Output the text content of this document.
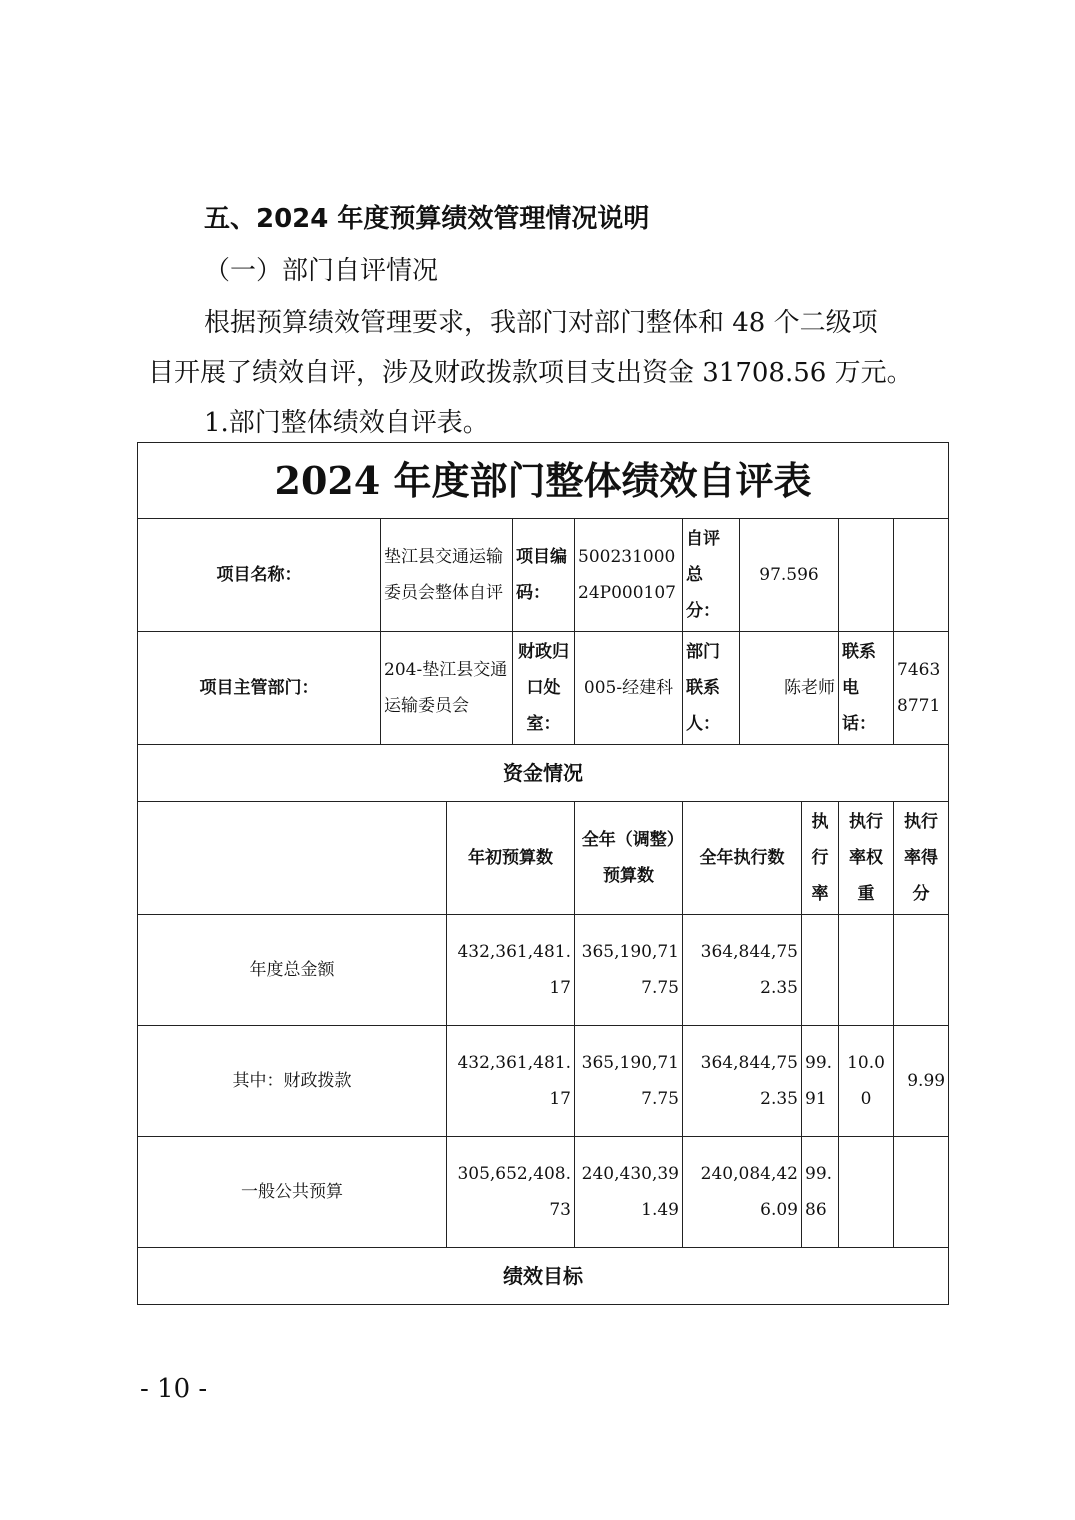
五、2024 年度预算绩效管理情况说明
（一）部门自评情况
根据预算绩效管理要求，我部门对部门整体和 48 个二级项
目开展了绩效自评，涉及财政拨款项目支出资金 31708.56 万元。
1.部门整体绩效自评表。
2024 年度部门整体绩效自评表									
项目名称：	垫江县交通运输委员会整体自评		项目编码：	50023100024P000107	自评总分：	97.596			
项目主管部门：	204-垫江县交通运输委员会		财政归口处室：	005-经建科	部门联系人：	陈老师		联系电话：	74638771
资金情况									
		年初预算数		全年（调整）预算数	全年执行数		执行率	执行率权重	执行率得分
年度总金额		432,361,481.17		365,190,717.75	364,844,752.35				
其中：财政拨款		432,361,481.17		365,190,717.75	364,844,752.35		99.91	10.00	9.99
一般公共预算		305,652,408.73		240,430,391.49	240,084,426.09		99.86		
绩效目标									
- 10 -
